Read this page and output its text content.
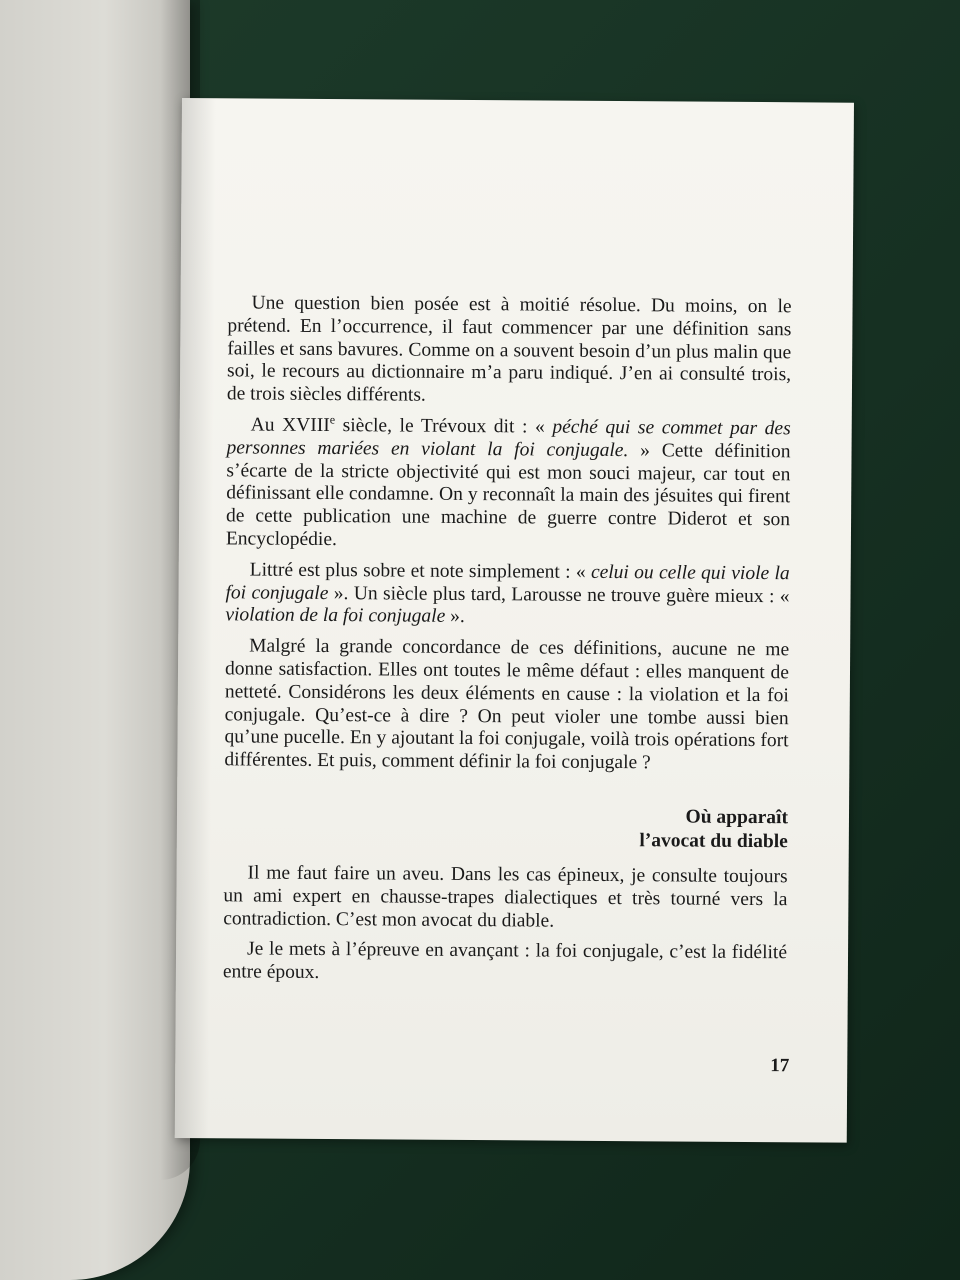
Une question bien posée est à moitié résolue. Du moins, on le prétend. En l’occurrence, il faut commencer par une définition sans failles et sans bavures. Comme on a souvent besoin d’un plus malin que soi, le recours au dictionnaire m’a paru indiqué. J’en ai consulté trois, de trois siècles différents.

Au XVIIIe siècle, le Trévoux dit : « péché qui se commet par des personnes mariées en violant la foi conjugale. » Cette définition s’écarte de la stricte objectivité qui est mon souci majeur, car tout en définissant elle condamne. On y reconnaît la main des jésuites qui firent de cette publication une machine de guerre contre Diderot et son Encyclopédie.

Littré est plus sobre et note simplement : « celui ou celle qui viole la foi conjugale ». Un siècle plus tard, Larousse ne trouve guère mieux : « violation de la foi conjugale ».

Malgré la grande concordance de ces définitions, aucune ne me donne satisfaction. Elles ont toutes le même défaut : elles manquent de netteté. Considérons les deux éléments en cause : la violation et la foi conjugale. Qu’est-ce à dire ? On peut violer une tombe aussi bien qu’une pucelle. En y ajoutant la foi conjugale, voilà trois opérations fort différentes. Et puis, comment définir la foi conjugale ?

Où apparaît
l’avocat du diable

Il me faut faire un aveu. Dans les cas épineux, je consulte toujours un ami expert en chausse-trapes dialectiques et très tourné vers la contradiction. C’est mon avocat du diable.

Je le mets à l’épreuve en avançant : la foi conjugale, c’est la fidélité entre époux.

17
